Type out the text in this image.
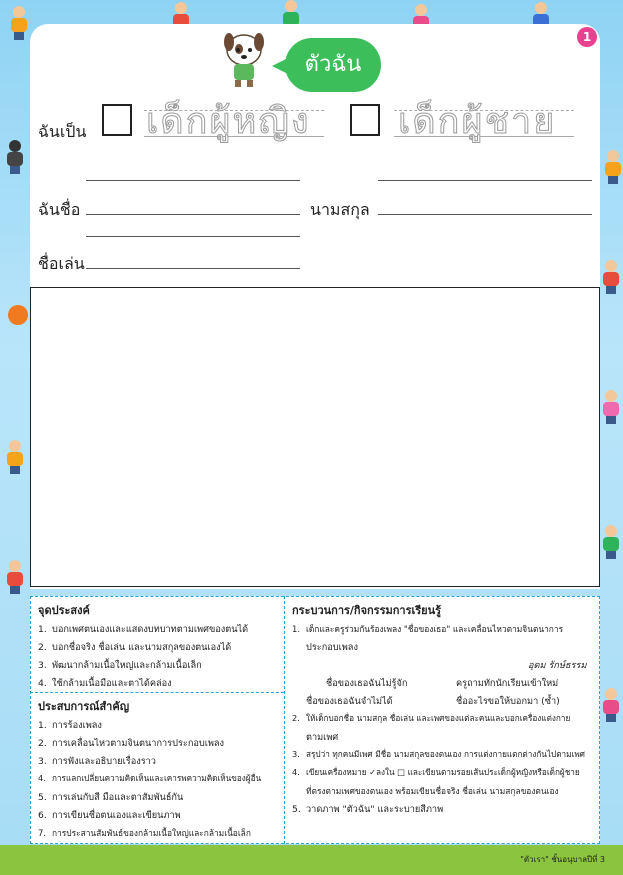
1
ตัวฉัน
ฉันเป็น เด็กผู้หญิง เด็กผู้ชาย
ฉันชื่อ	นามสกุล
ชื่อเล่น
จุดประสงค์
1. บอกเพศตนเองและแสดงบทบาทตามเพศของตนได้
2. บอกชื่อจริง ชื่อเล่น และนามสกุลของตนเองได้
3. พัฒนากล้ามเนื้อใหญ่และกล้ามเนื้อเล็ก
4. ใช้กล้ามเนื้อมือและตาได้คล่อง
ประสบการณ์สำคัญ
1. การร้องเพลง
2. การเคลื่อนไหวตามจินตนาการประกอบเพลง
3. การฟังและอธิบายเรื่องราว
4. การแลกเปลี่ยนความคิดเห็นและเคารพความคิดเห็นของผู้อื่น
5. การเล่นกับสี มือและตาสัมพันธ์กัน
6. การเขียนชื่อตนเองและเขียนภาพ
7. การประสานสัมพันธ์ของกล้ามเนื้อใหญ่และกล้ามเนื้อเล็ก
กระบวนการ/กิจกรรมการเรียนรู้
1. เด็กและครูร่วมกันร้องเพลง "ชื่อของเธอ" และเคลื่อนไหวตามจินตนาการ
ประกอบเพลง
อุดม รักษ์ธรรม
ชื่อของเธอฉันไม่รู้จัก	ครูถามทักนักเรียนเข้าใหม่
ชื่อของเธอฉันจำไม่ได้	ชื่ออะไรขอให้บอกมา (ซ้ำ)
2. ให้เด็กบอกชื่อ นามสกุล ชื่อเล่น และเพศของแต่ละคนและบอกเครื่องแต่งกาย
ตามเพศ
3. สรุปว่า ทุกคนมีเพศ มีชื่อ นามสกุลของตนเอง การแต่งกายแตกต่างกันไปตามเพศ
4. เขียนเครื่องหมาย ✓ลงใน □ และเขียนตามรอยเส้นประเด็กผู้หญิงหรือเด็กผู้ชาย
ที่ตรงตามเพศของตนเอง พร้อมเขียนชื่อจริง ชื่อเล่น นามสกุลของตนเอง
5. วาดภาพ "ตัวฉัน" และระบายสีภาพ
"ตัวเรา" ชั้นอนุบาลปีที่ 3
